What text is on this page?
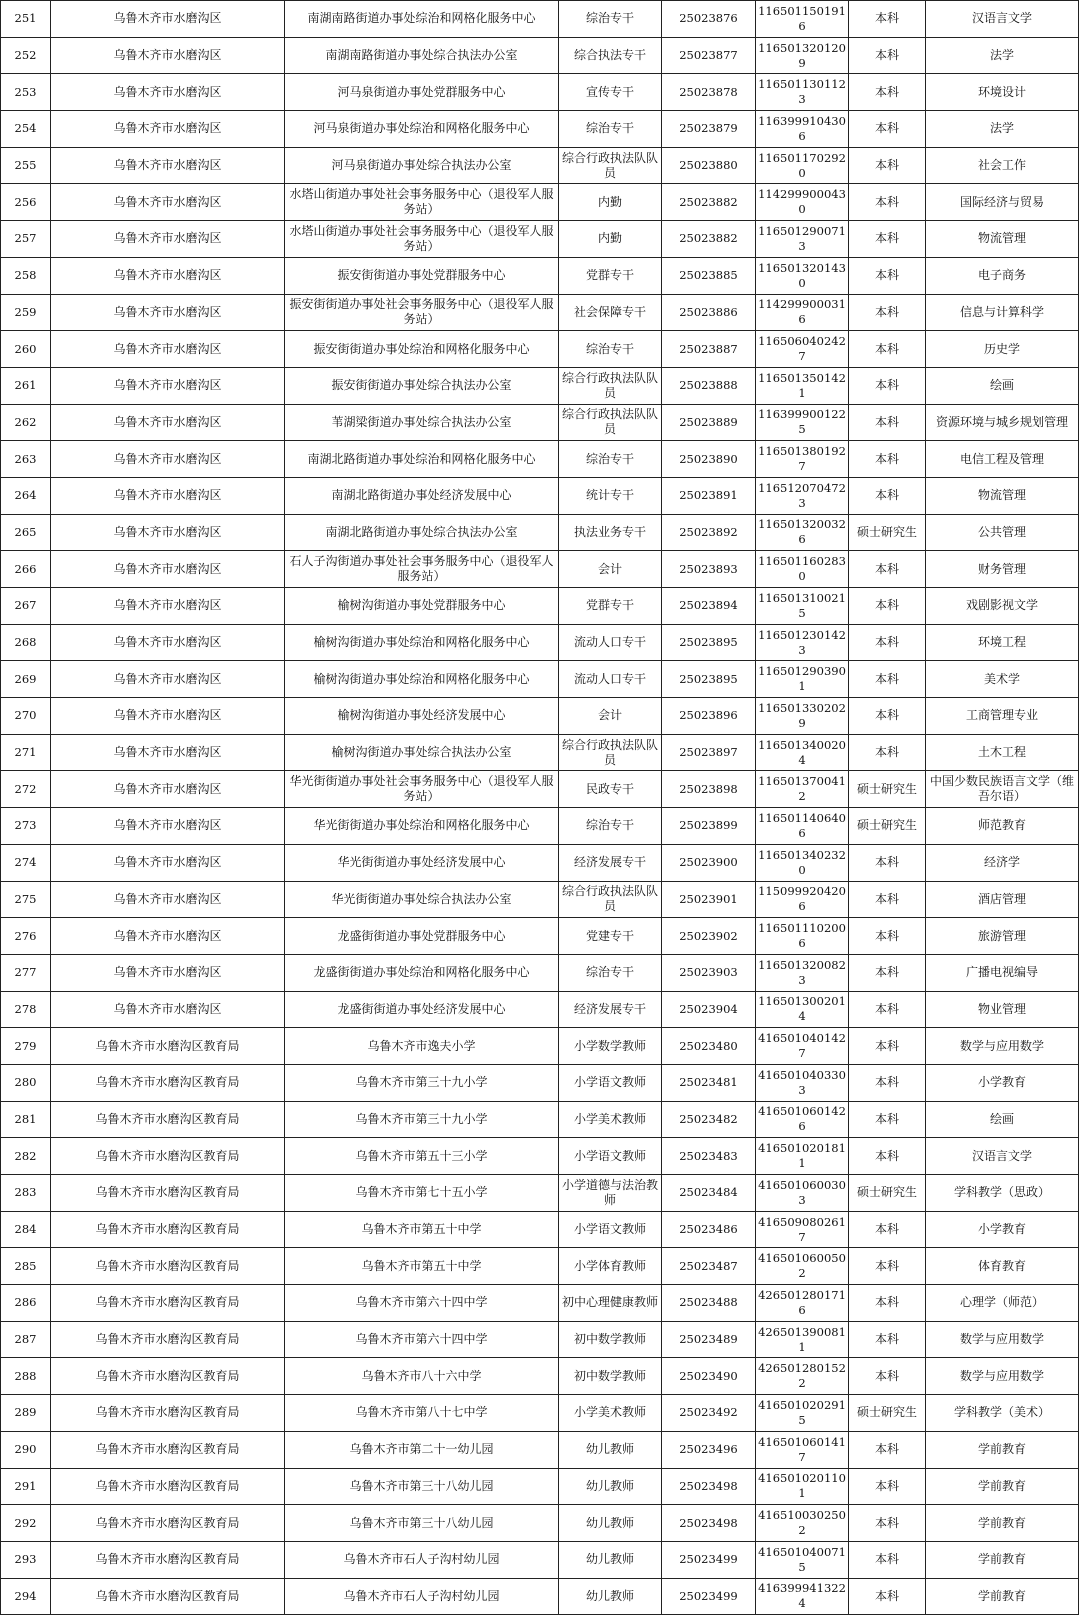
251	乌鲁木齐市水磨沟区	南湖南路街道办事处综治和网格化服务中心	综治专干	25023876	1165011501916	本科	汉语言文学
252	乌鲁木齐市水磨沟区	南湖南路街道办事处综合执法办公室	综合执法专干	25023877	1165013201209	本科	法学
253	乌鲁木齐市水磨沟区	河马泉街道办事处党群服务中心	宣传专干	25023878	1165011301123	本科	环境设计
254	乌鲁木齐市水磨沟区	河马泉街道办事处综治和网格化服务中心	综治专干	25023879	1163999104306	本科	法学
255	乌鲁木齐市水磨沟区	河马泉街道办事处综合执法办公室	综合行政执法队队员	25023880	1165011702920	本科	社会工作
256	乌鲁木齐市水磨沟区	水塔山街道办事处社会事务服务中心（退役军人服务站）	内勤	25023882	1142999000430	本科	国际经济与贸易
257	乌鲁木齐市水磨沟区	水塔山街道办事处社会事务服务中心（退役军人服务站）	内勤	25023882	1165012900713	本科	物流管理
258	乌鲁木齐市水磨沟区	振安街街道办事处党群服务中心	党群专干	25023885	1165013201430	本科	电子商务
259	乌鲁木齐市水磨沟区	振安街街道办事处社会事务服务中心（退役军人服务站）	社会保障专干	25023886	1142999000316	本科	信息与计算科学
260	乌鲁木齐市水磨沟区	振安街街道办事处综治和网格化服务中心	综治专干	25023887	1165060402427	本科	历史学
261	乌鲁木齐市水磨沟区	振安街街道办事处综合执法办公室	综合行政执法队队员	25023888	1165013501421	本科	绘画
262	乌鲁木齐市水磨沟区	苇湖梁街道办事处综合执法办公室	综合行政执法队队员	25023889	1163999001225	本科	资源环境与城乡规划管理
263	乌鲁木齐市水磨沟区	南湖北路街道办事处综治和网格化服务中心	综治专干	25023890	1165013801927	本科	电信工程及管理
264	乌鲁木齐市水磨沟区	南湖北路街道办事处经济发展中心	统计专干	25023891	1165120704723	本科	物流管理
265	乌鲁木齐市水磨沟区	南湖北路街道办事处综合执法办公室	执法业务专干	25023892	1165013200326	硕士研究生	公共管理
266	乌鲁木齐市水磨沟区	石人子沟街道办事处社会事务服务中心（退役军人服务站）	会计	25023893	1165011602830	本科	财务管理
267	乌鲁木齐市水磨沟区	榆树沟街道办事处党群服务中心	党群专干	25023894	1165013100215	本科	戏剧影视文学
268	乌鲁木齐市水磨沟区	榆树沟街道办事处综治和网格化服务中心	流动人口专干	25023895	1165012301423	本科	环境工程
269	乌鲁木齐市水磨沟区	榆树沟街道办事处综治和网格化服务中心	流动人口专干	25023895	1165012903901	本科	美术学
270	乌鲁木齐市水磨沟区	榆树沟街道办事处经济发展中心	会计	25023896	1165013302029	本科	工商管理专业
271	乌鲁木齐市水磨沟区	榆树沟街道办事处综合执法办公室	综合行政执法队队员	25023897	1165013400204	本科	土木工程
272	乌鲁木齐市水磨沟区	华光街街道办事处社会事务服务中心（退役军人服务站）	民政专干	25023898	1165013700412	硕士研究生	中国少数民族语言文学（维吾尔语）
273	乌鲁木齐市水磨沟区	华光街街道办事处综治和网格化服务中心	综治专干	25023899	1165011406406	硕士研究生	师范教育
274	乌鲁木齐市水磨沟区	华光街街道办事处经济发展中心	经济发展专干	25023900	1165013402320	本科	经济学
275	乌鲁木齐市水磨沟区	华光街街道办事处综合执法办公室	综合行政执法队队员	25023901	1150999204206	本科	酒店管理
276	乌鲁木齐市水磨沟区	龙盛街街道办事处党群服务中心	党建专干	25023902	1165011102006	本科	旅游管理
277	乌鲁木齐市水磨沟区	龙盛街街道办事处综治和网格化服务中心	综治专干	25023903	1165013200823	本科	广播电视编导
278	乌鲁木齐市水磨沟区	龙盛街街道办事处经济发展中心	经济发展专干	25023904	1165013002014	本科	物业管理
279	乌鲁木齐市水磨沟区教育局	乌鲁木齐市逸夫小学	小学数学教师	25023480	4165010401427	本科	数学与应用数学
280	乌鲁木齐市水磨沟区教育局	乌鲁木齐市第三十九小学	小学语文教师	25023481	4165010403303	本科	小学教育
281	乌鲁木齐市水磨沟区教育局	乌鲁木齐市第三十九小学	小学美术教师	25023482	4165010601426	本科	绘画
282	乌鲁木齐市水磨沟区教育局	乌鲁木齐市第五十三小学	小学语文教师	25023483	4165010201811	本科	汉语言文学
283	乌鲁木齐市水磨沟区教育局	乌鲁木齐市第七十五小学	小学道德与法治教师	25023484	4165010600303	硕士研究生	学科教学（思政）
284	乌鲁木齐市水磨沟区教育局	乌鲁木齐市第五十中学	小学语文教师	25023486	4165090802617	本科	小学教育
285	乌鲁木齐市水磨沟区教育局	乌鲁木齐市第五十中学	小学体育教师	25023487	4165010600502	本科	体育教育
286	乌鲁木齐市水磨沟区教育局	乌鲁木齐市第六十四中学	初中心理健康教师	25023488	4265012801716	本科	心理学（师范）
287	乌鲁木齐市水磨沟区教育局	乌鲁木齐市第六十四中学	初中数学教师	25023489	4265013900811	本科	数学与应用数学
288	乌鲁木齐市水磨沟区教育局	乌鲁木齐市八十六中学	初中数学教师	25023490	4265012801522	本科	数学与应用数学
289	乌鲁木齐市水磨沟区教育局	乌鲁木齐市第八十七中学	小学美术教师	25023492	4165010202915	硕士研究生	学科教学（美术）
290	乌鲁木齐市水磨沟区教育局	乌鲁木齐市第二十一幼儿园	幼儿教师	25023496	4165010601417	本科	学前教育
291	乌鲁木齐市水磨沟区教育局	乌鲁木齐市第三十八幼儿园	幼儿教师	25023498	4165010201101	本科	学前教育
292	乌鲁木齐市水磨沟区教育局	乌鲁木齐市第三十八幼儿园	幼儿教师	25023498	4165100302502	本科	学前教育
293	乌鲁木齐市水磨沟区教育局	乌鲁木齐市石人子沟村幼儿园	幼儿教师	25023499	4165010400715	本科	学前教育
294	乌鲁木齐市水磨沟区教育局	乌鲁木齐市石人子沟村幼儿园	幼儿教师	25023499	4163999413224	本科	学前教育
